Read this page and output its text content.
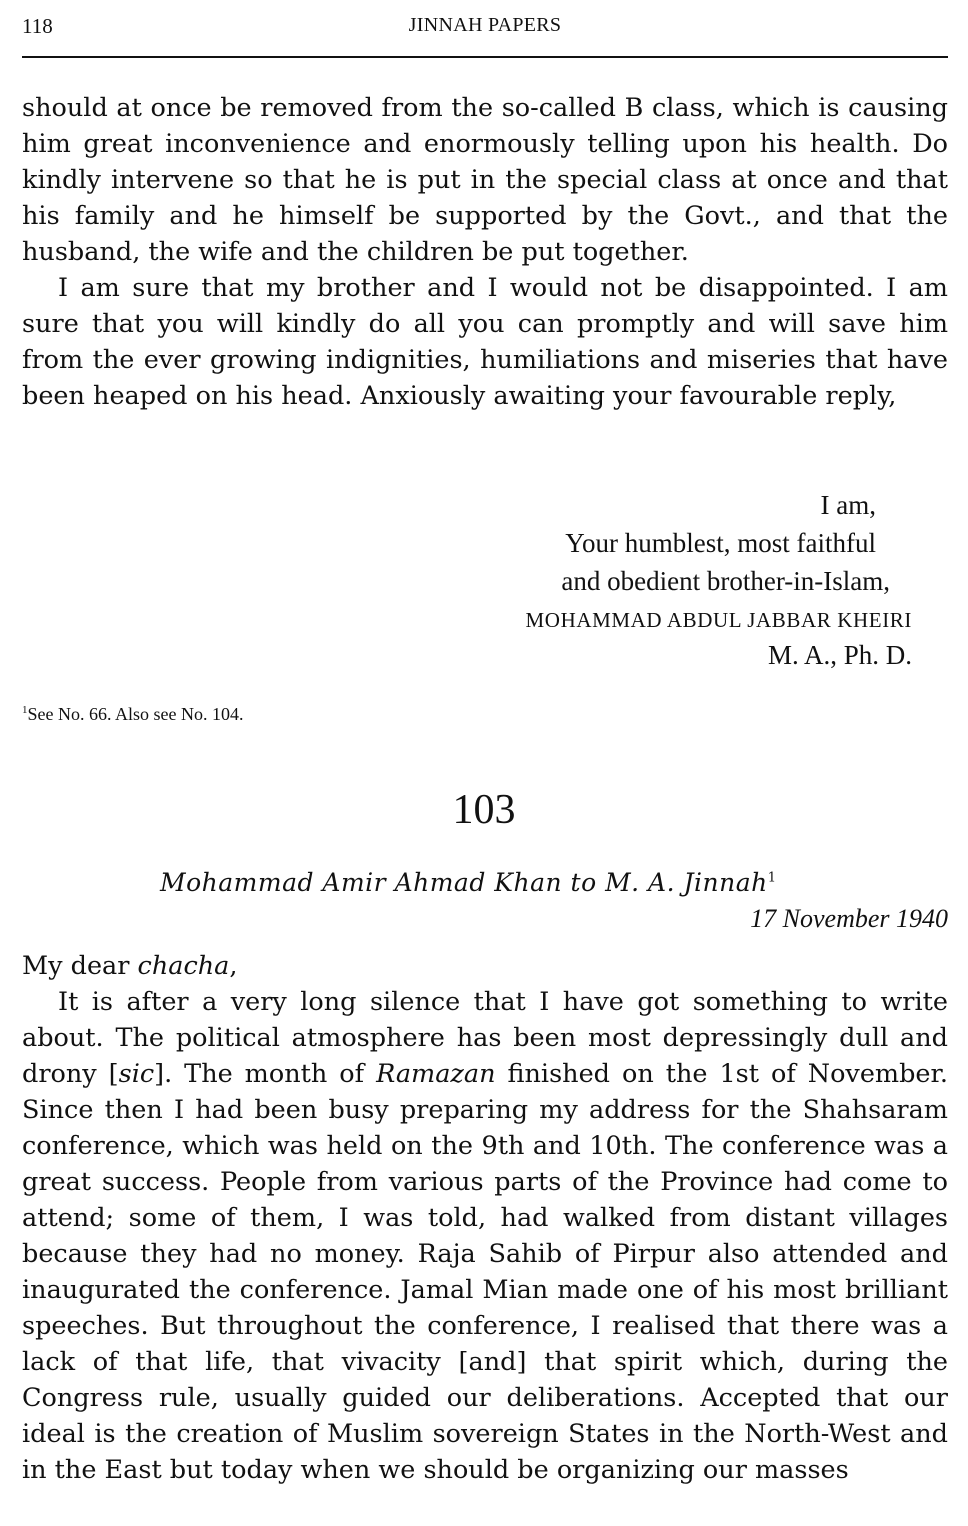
118	JINNAH PAPERS

should at once be removed from the so-called B class, which is causing him great inconvenience and enormously telling upon his health. Do kindly intervene so that he is put in the special class at once and that his family and he himself be supported by the Govt., and that the husband, the wife and the children be put together.

I am sure that my brother and I would not be disappointed. I am sure that you will kindly do all you can promptly and will save him from the ever growing indignities, humiliations and miseries that have been heaped on his head. Anxiously awaiting your favourable reply,

I am,
Your humblest, most faithful
and obedient brother-in-Islam,
MOHAMMAD ABDUL JABBAR KHEIRI
M. A., Ph. D.
$^1$See No. 66. Also see No. 104.
103
Mohammad Amir Ahmad Khan to M. A. Jinnah$^1$
17 November 1940
My dear chacha,

It is after a very long silence that I have got something to write about. The political atmosphere has been most depressingly dull and drony [sic]. The month of Ramazan finished on the 1st of November. Since then I had been busy preparing my address for the Shahsaram conference, which was held on the 9th and 10th. The conference was a great success. People from various parts of the Province had come to attend; some of them, I was told, had walked from distant villages because they had no money. Raja Sahib of Pirpur also attended and inaugurated the conference. Jamal Mian made one of his most brilliant speeches. But throughout the conference, I realised that there was a lack of that life, that vivacity [and] that spirit which, during the Congress rule, usually guided our deliberations. Accepted that our ideal is the creation of Muslim sovereign States in the North-West and in the East but today when we should be organizing our masses
